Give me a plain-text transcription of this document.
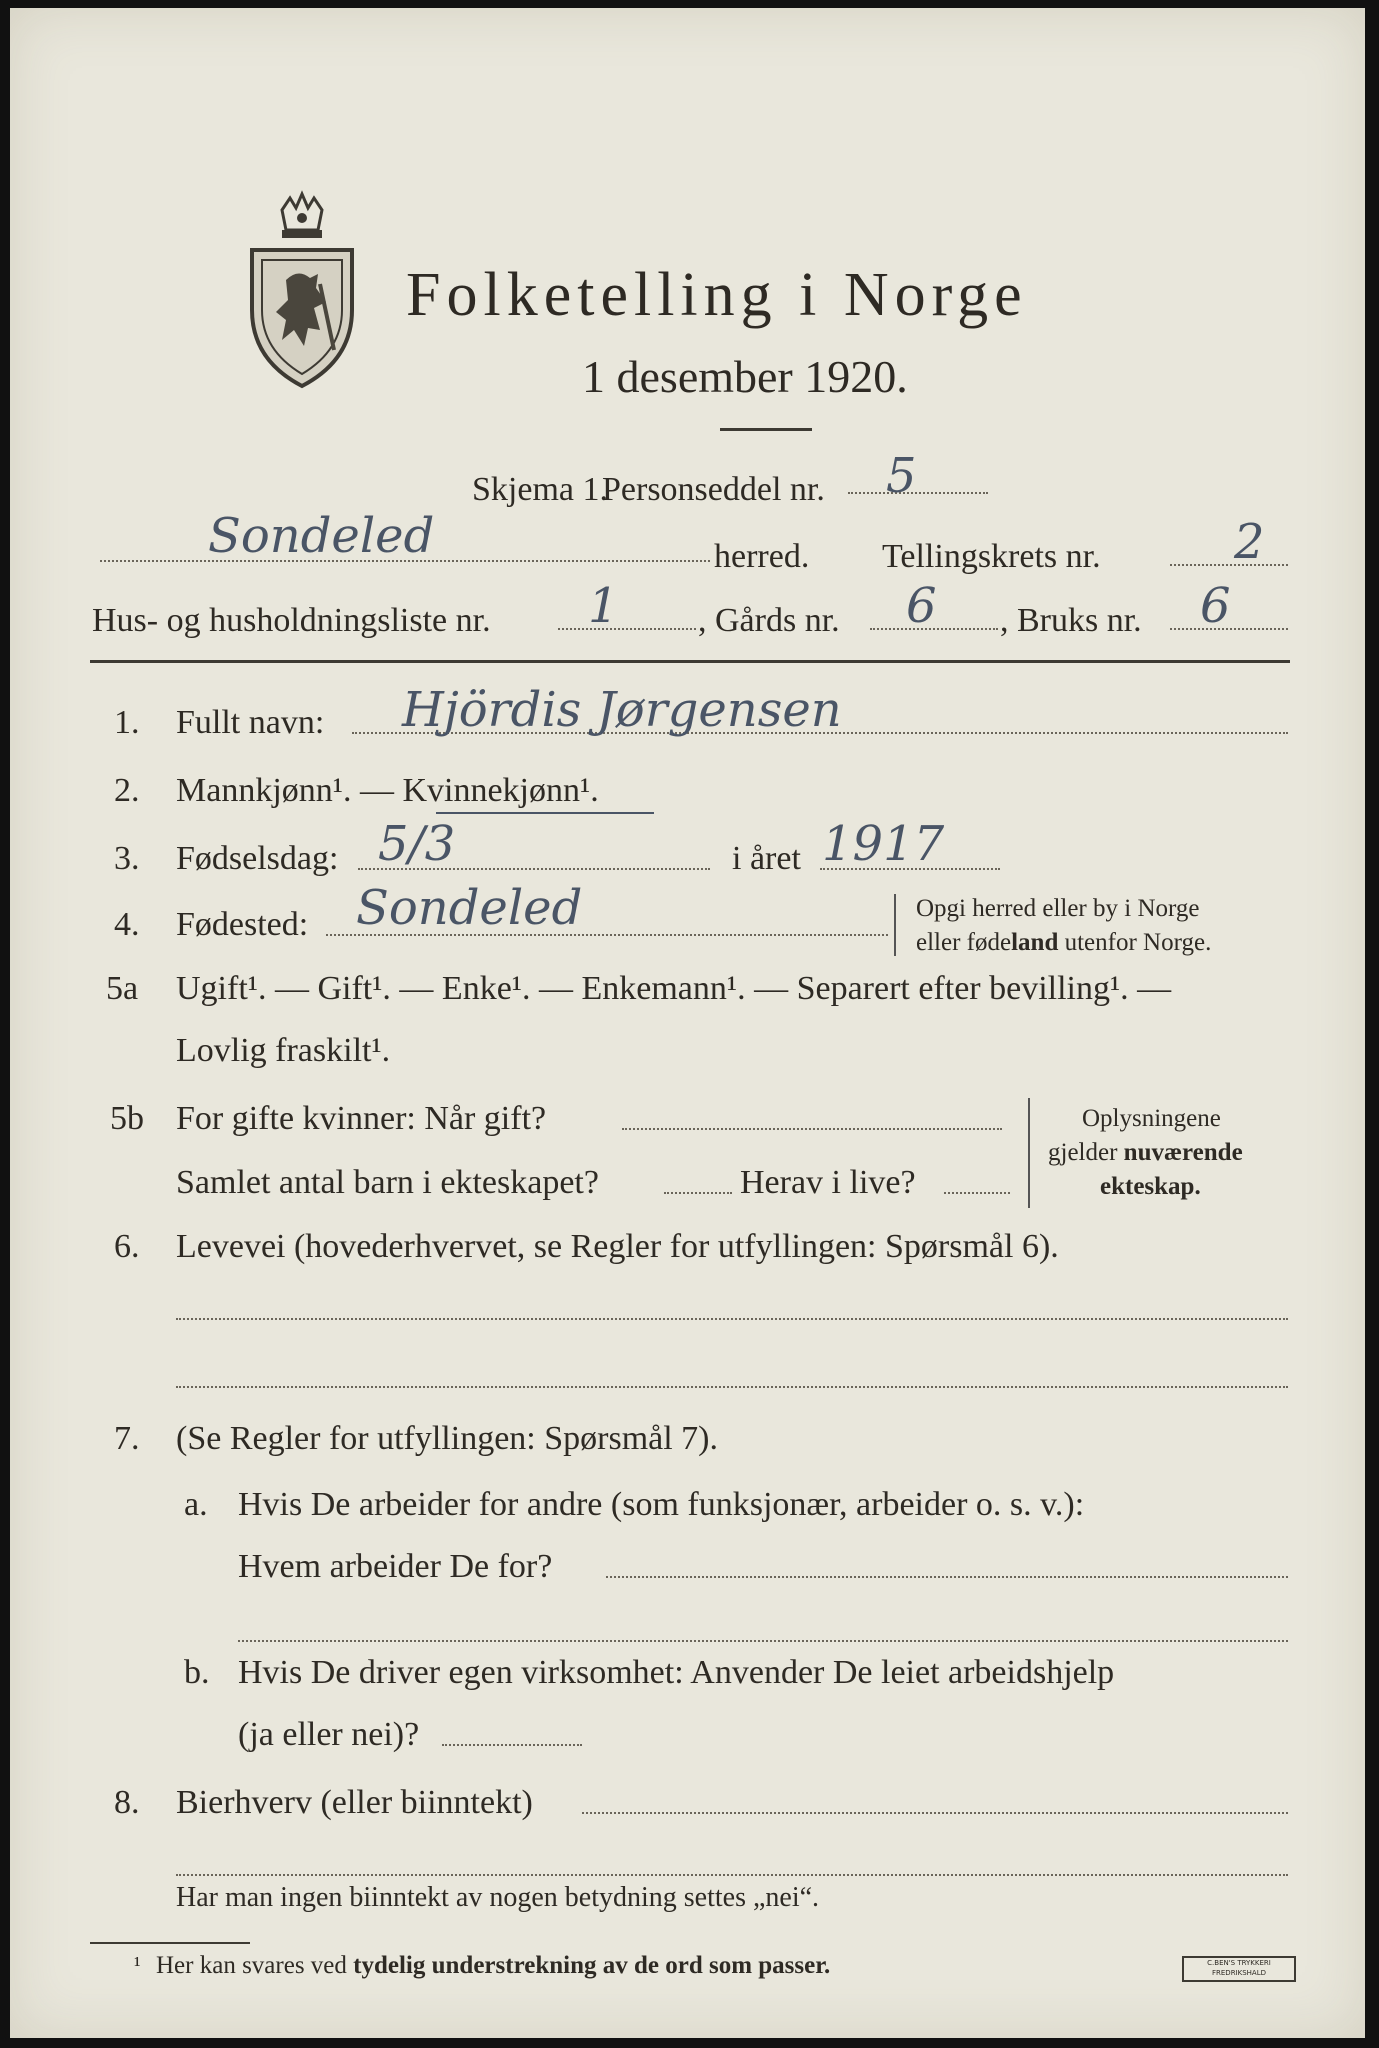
Folketelling i Norge
1 desember 1920.
Skjema 1.
Personseddel nr. 5
Sondeled	herred. Tellingskrets nr.	2
Hus- og husholdningsliste nr. 1 , Gårds nr. 6 , Bruks nr. 6
1. Fullt navn: Hjördis Jørgensen
2. Mannkjønn¹. — Kvinnekjønn¹.
3. Fødselsdag: 5/3	i året 1917
4. Fødested: Sondeled	Opgi herred eller by i Norge
eller fødeland utenfor Norge.
5a Ugift¹. — Gift¹. — Enke¹. — Enkemann¹. — Separert efter bevilling¹. —
Lovlig fraskilt¹.
5b For gifte kvinner: Når gift?
Samlet antal barn i ekteskapet?	Herav i live?
Oplysningene
gjelder nuværende
ekteskap.
6. Levevei (hovederhvervet, se Regler for utfyllingen: Spørsmål 6).
7. (Se Regler for utfyllingen: Spørsmål 7).
a. Hvis De arbeider for andre (som funksjonær, arbeider o. s. v.):
Hvem arbeider De for?
b. Hvis De driver egen virksomhet: Anvender De leiet arbeidshjelp
(ja eller nei)?
8. Bierhverv (eller biinntekt)
Har man ingen biinntekt av nogen betydning settes „nei“.
¹ Her kan svares ved tydelig understrekning av de ord som passer.	C.BEN'S TRYKKERI FREDRIKSHALD
